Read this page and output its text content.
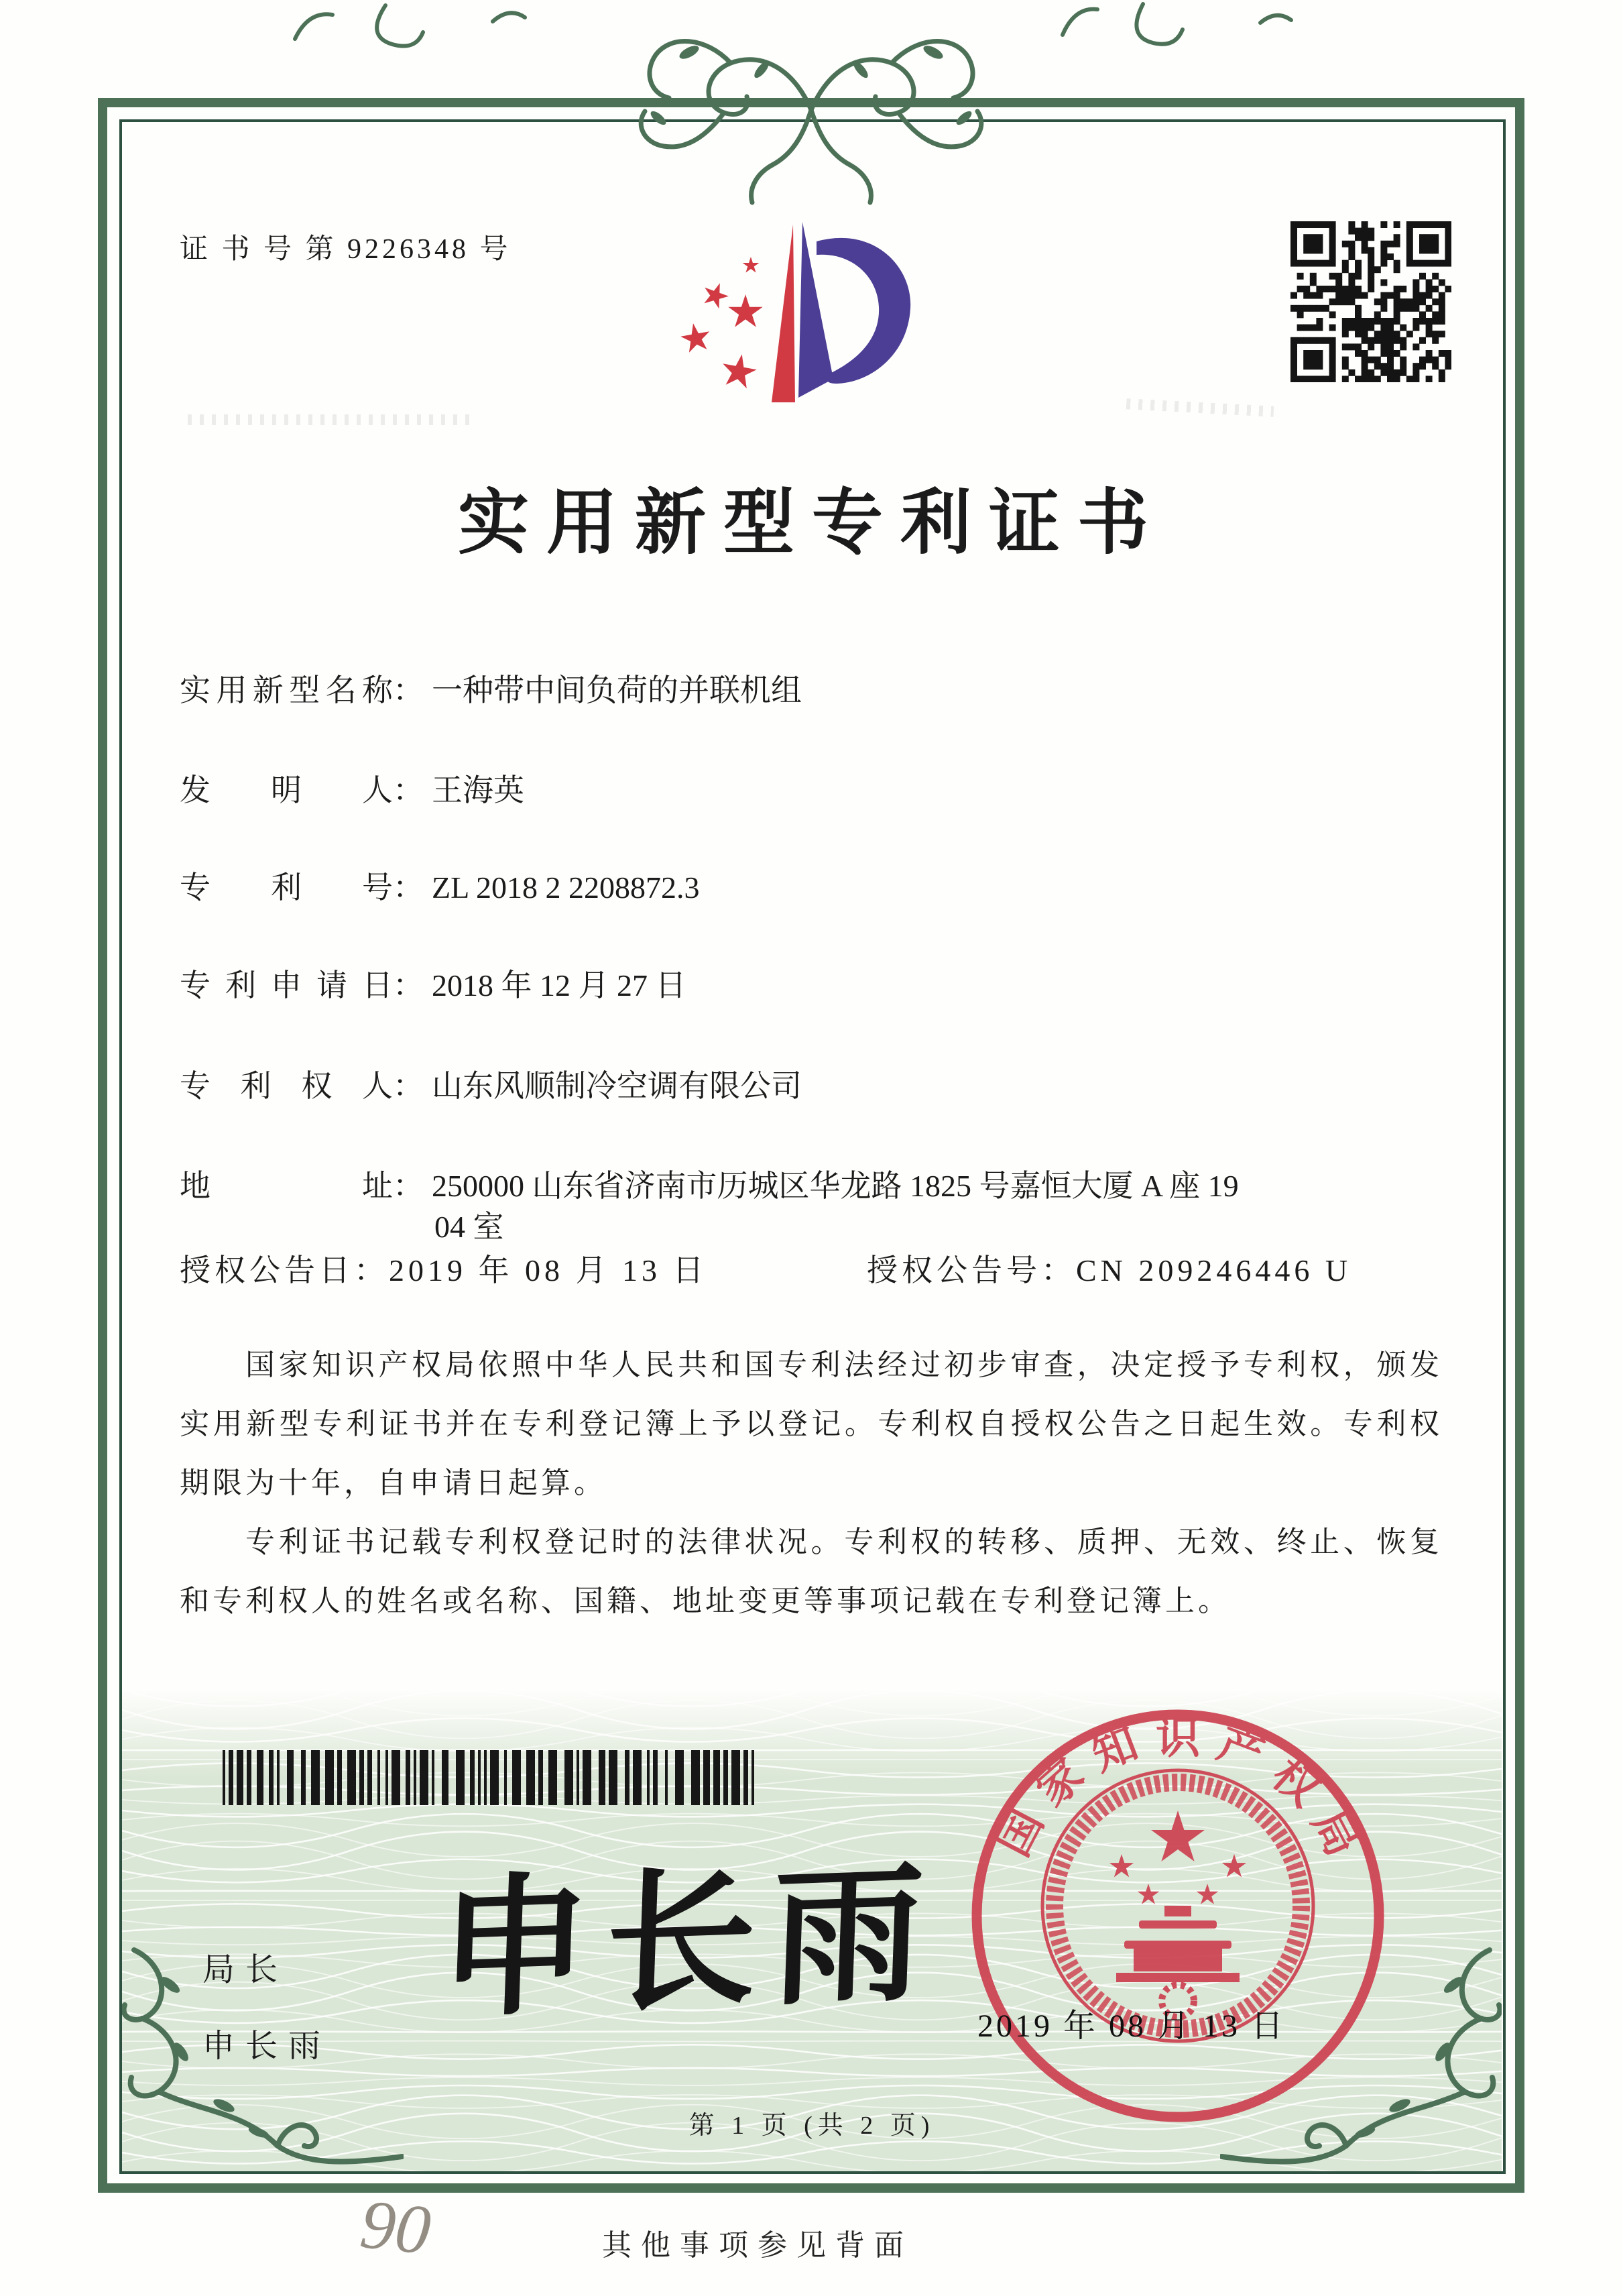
证 书 号 第 9226348 号
实用新型专利证书
实用新型名称： 一种带中间负荷的并联机组
发明人： 王海英
专利号： ZL 2018 2 2208872.3
专利申请日： 2018 年 12 月 27 日
专利权人： 山东风顺制冷空调有限公司
地址： 250000 山东省济南市历城区华龙路 1825 号嘉恒大厦 A 座 19
04 室
授权公告日：2019 年 08 月 13 日	授权公告号：CN 209246446 U

国家知识产权局依照中华人民共和国专利法经过初步审查，决定授予专利权，颁发实用新型专利证书并在专利登记簿上予以登记。专利权自授权公告之日起生效。专利权期限为十年，自申请日起算。

专利证书记载专利权登记时的法律状况。专利权的转移、质押、无效、终止、恢复和专利权人的姓名或名称、国籍、地址变更等事项记载在专利登记簿上。

局长
申长雨
申长雨
国家知识产权局
2019 年 08 月 13 日
第 1 页 (共 2 页)
其他事项参见背面
90
